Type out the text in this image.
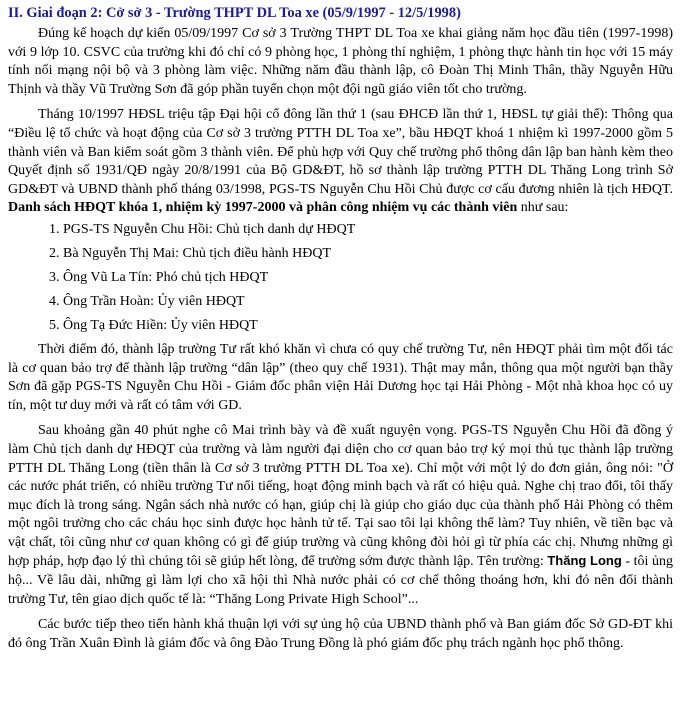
II. Giai đoạn 2: Cở sở 3 - Trường THPT DL Toa xe (05/9/1997 - 12/5/1998)

Đúng kế hoạch dự kiến 05/09/1997 Cơ sở 3 Trường THPT DL Toa xe khai giảng năm học đầu tiên (1997-1998) với 9 lớp 10. CSVC của trường khi đó chỉ có 9 phòng học, 1 phòng thí nghiệm, 1 phòng thực hành tin học với 15 máy tính nối mạng nội bộ và 3 phòng làm việc. Những năm đầu thành lập, cô Đoàn Thị Minh Thân, thầy Nguyễn Hữu Thịnh và thầy Vũ Trường Sơn đã góp phần tuyển chọn một đội ngũ giáo viên tốt cho trường.

Tháng 10/1997 HĐSL triệu tập Đại hội cổ đông lần thứ 1 (sau ĐHCĐ lần thứ 1, HĐSL tự giải thể): Thông qua “Điều lệ tổ chức và hoạt động của Cơ sở 3 trường PTTH DL Toa xe”, bầu HĐQT khoá 1 nhiệm kì 1997-2000 gồm 5 thành viên và Ban kiểm soát gồm 3 thành viên. Để phù hợp với Quy chế trường phổ thông dân lập ban hành kèm theo Quyết định số 1931/QĐ ngày 20/8/1991 của Bộ GD&ĐT, hồ sơ thành lập trường PTTH DL Thăng Long trình Sở GD&ĐT và UBND thành phố tháng 03/1998, PGS-TS Nguyễn Chu Hồi Chủ được cơ cấu đương nhiên là tịch HĐQT. Danh sách HĐQT khóa 1, nhiệm kỳ 1997-2000 và phân công nhiệm vụ các thành viên như sau:

1. PGS-TS Nguyễn Chu Hồi: Chủ tịch danh dự HĐQT
2. Bà Nguyễn Thị Mai: Chủ tịch điều hành HĐQT
3. Ông Vũ La Tín: Phó chủ tịch HĐQT
4. Ông Trần Hoàn: Ủy viên HĐQT
5. Ông Tạ Đức Hiền: Ủy viên HĐQT

Thời điểm đó, thành lập trường Tư rất khó khăn vì chưa có quy chế trường Tư, nên HĐQT phải tìm một đối tác là cơ quan bảo trợ để thành lập trường “dân lập” (theo quy chế 1931). Thật may mắn, thông qua một người bạn thầy Sơn đã gặp PGS-TS Nguyễn Chu Hồi - Giám đốc phân viện Hải Dương học tại Hải Phòng - Một nhà khoa học có uy tín, một tư duy mới và rất có tâm với GD.

Sau khoảng gần 40 phút nghe cô Mai trình bày và đề xuất nguyện vọng. PGS-TS Nguyễn Chu Hồi đã đồng ý làm Chủ tịch danh dự HĐQT của trường và làm người đại diện cho cơ quan bảo trợ ký mọi thủ tục thành lập trường PTTH DL Thăng Long (tiền thân là Cơ sở 3 trường PTTH DL Toa xe). Chỉ một với một lý do đơn giản, ông nói: "Ở các nước phát triển, có nhiều trường Tư nổi tiếng, hoạt động minh bạch và rất có hiệu quả. Nghe chị trao đổi, tôi thấy mục đích là trong sáng. Ngân sách nhà nước có hạn, giúp chị là giúp cho giáo dục của thành phố Hải Phòng có thêm một ngôi trường cho các cháu học sinh được học hành tử tế. Tại sao tôi lại không thể làm? Tuy nhiên, về tiền bạc và vật chất, tôi cũng như cơ quan không có gì để giúp trường và cũng không đòi hỏi gì từ phía các chị. Nhưng những gì hợp pháp, hợp đạo lý thì chúng tôi sẽ giúp hết lòng, để trường sớm được thành lập. Tên trường: Thăng Long - tôi ủng hộ... Về lâu dài, những gì làm lợi cho xã hội thì Nhà nước phải có cơ chế thông thoáng hơn, khi đó nên đổi thành trường Tư, tên giao dịch quốc tế là: “Thăng Long Private High School”...

Các bước tiếp theo tiến hành khá thuận lợi với sự ủng hộ của UBND thành phố và Ban giám đốc Sở GD-ĐT khi đó ông Trần Xuân Đình là giám đốc và ông Đào Trung Đồng là phó giám đốc phụ trách ngành học phổ thông.
